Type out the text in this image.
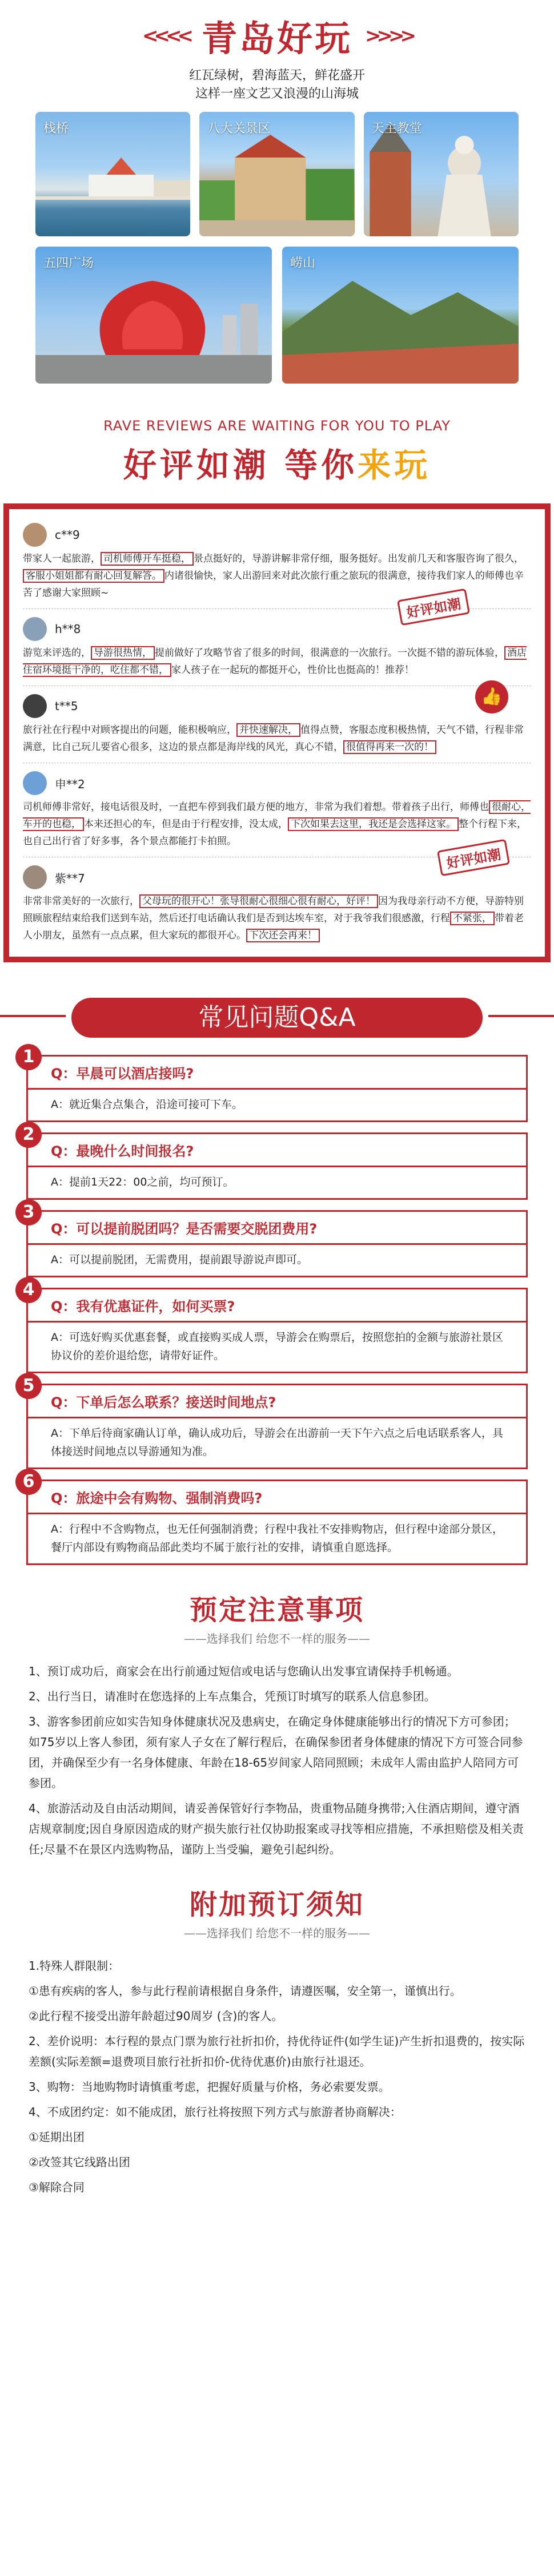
<<<< 青岛好玩 >>>>

红瓦绿树，碧海蓝天，鲜花盛开

这样一座文艺又浪漫的山海城

栈桥	八大关景区	天主教堂
五四广场	崂山
RAVE REVIEWS ARE WAITING FOR YOU TO PLAY
好评如潮 等你来玩
c**9
带家人一起旅游， 司机师傅开车挺稳， 景点挺好的，导游讲解非常仔细，服务挺好。出发前几天和客服咨询了很久，客服小姐姐都有耐心回复解答。 内诸很愉快，家人出游回来对此次旅行重之旅玩的很满意，接待我们家人的师傅也辛苦了感谢大家照顾~
好评如潮
h**8
游览来评选的， 导游很热情， 提前做好了攻略节省了很多的时间，很满意的一次旅行。一次挺不错的游玩体验， 酒店住宿环境挺干净的，吃住都不错， 家人孩子在一起玩的都挺开心，性价比也挺高的！推荐！
t**5
旅行社在行程中对顾客提出的问题，能积极响应， 并快速解决， 值得点赞，客服态度积极热情，天气不错，行程非常满意，比自己玩儿要省心很多，这边的景点都是海岸线的风光，真心不错， 很值得再来一次的！
👍
申**2
司机师傅非常好，接电话很及时，一直把车停到我们最方便的地方，非常为我们着想。带着孩子出行，师傅也 很耐心，车开的也稳， 本来还担心的车，但是由于行程安排，没太成， 下次如果去这里，我还是会选择这家。 整个行程下来，也自己出行省了好多事，各个景点都能打卡拍照。
好评如潮
紫**7
非常非常美好的一次旅行， 父母玩的很开心！张导很耐心很细心很有耐心，好评！ 因为我母亲行动不方便，导游特别照顾旅程结束给我们送到车站，然后还打电话确认我们是否到达埃车室，对于我爷我们很感激，行程 不紧张， 带着老人小朋友，虽然有一点点累，但大家玩的都很开心。 下次还会再来！
常见问题Q&A
1
Q：早晨可以酒店接吗?
A：就近集合点集合，沿途可接可下车。
2
Q：最晚什么时间报名?
A：提前1天22：00之前，均可预订。
3
Q：可以提前脱团吗？是否需要交脱团费用?
A：可以提前脱团，无需费用，提前跟导游说声即可。
4
Q：我有优惠证件，如何买票?
A：可选好购买优惠套餐，或直接购买成人票，导游会在购票后，按照您拍的金额与旅游社景区协议价的差价退给您，请带好证件。
5
Q：下单后怎么联系？接送时间地点?
A：下单后待商家确认订单，确认成功后，导游会在出游前一天下午六点之后电话联系客人，具体接送时间地点以导游通知为准。
6
Q：旅途中会有购物、强制消费吗?
A：行程中不含购物点，也无任何强制消费；行程中我社不安排购物店，但行程中途部分景区，餐厅内部设有购物商品部此类均不属于旅行社的安排，请慎重自愿选择。
预定注意事项
—— 选择我们 给您不一样的服务 ——

1、预订成功后，商家会在出行前通过短信或电话与您确认出发事宜请保持手机畅通。

2、出行当日，请准时在您选择的上车点集合，凭预订时填写的联系人信息参团。

3、游客参团前应如实告知身体健康状况及患病史，在确定身体健康能够出行的情况下方可参团；如75岁以上客人参团，须有家人子女在了解行程后，在确保参团者身体健康的情况下方可签合同参团，并确保至少有一名身体健康、年龄在18-65岁间家人陪同照顾；未成年人需由监护人陪同方可参团。

4、旅游活动及自由活动期间，请妥善保管好行李物品，贵重物品随身携带;入住酒店期间，遵守酒店规章制度;因自身原因造成的财产损失旅行社仅协助报案或寻找等相应措施，不承担赔偿及相关责任;尽量不在景区内选购物品，谨防上当受骗，避免引起纠纷。

附加预订须知
—— 选择我们 给您不一样的服务 ——

1.特殊人群限制：

①患有疾病的客人，参与此行程前请根据自身条件，请遵医嘱，安全第一，谨慎出行。

②此行程不接受出游年龄超过90周岁 (含)的客人。

2、差价说明：本行程的景点门票为旅行社折扣价，持优待证件(如学生证)产生折扣退费的，按实际差额(实际差额=退费项目旅行社折扣价-优待优惠价)由旅行社退还。

3、购物：当地购物时请慎重考虑，把握好质量与价格，务必索要发票。

4、不成团约定：如不能成团，旅行社将按照下列方式与旅游者协商解决：

①延期出团

②改签其它线路出团

③解除合同
